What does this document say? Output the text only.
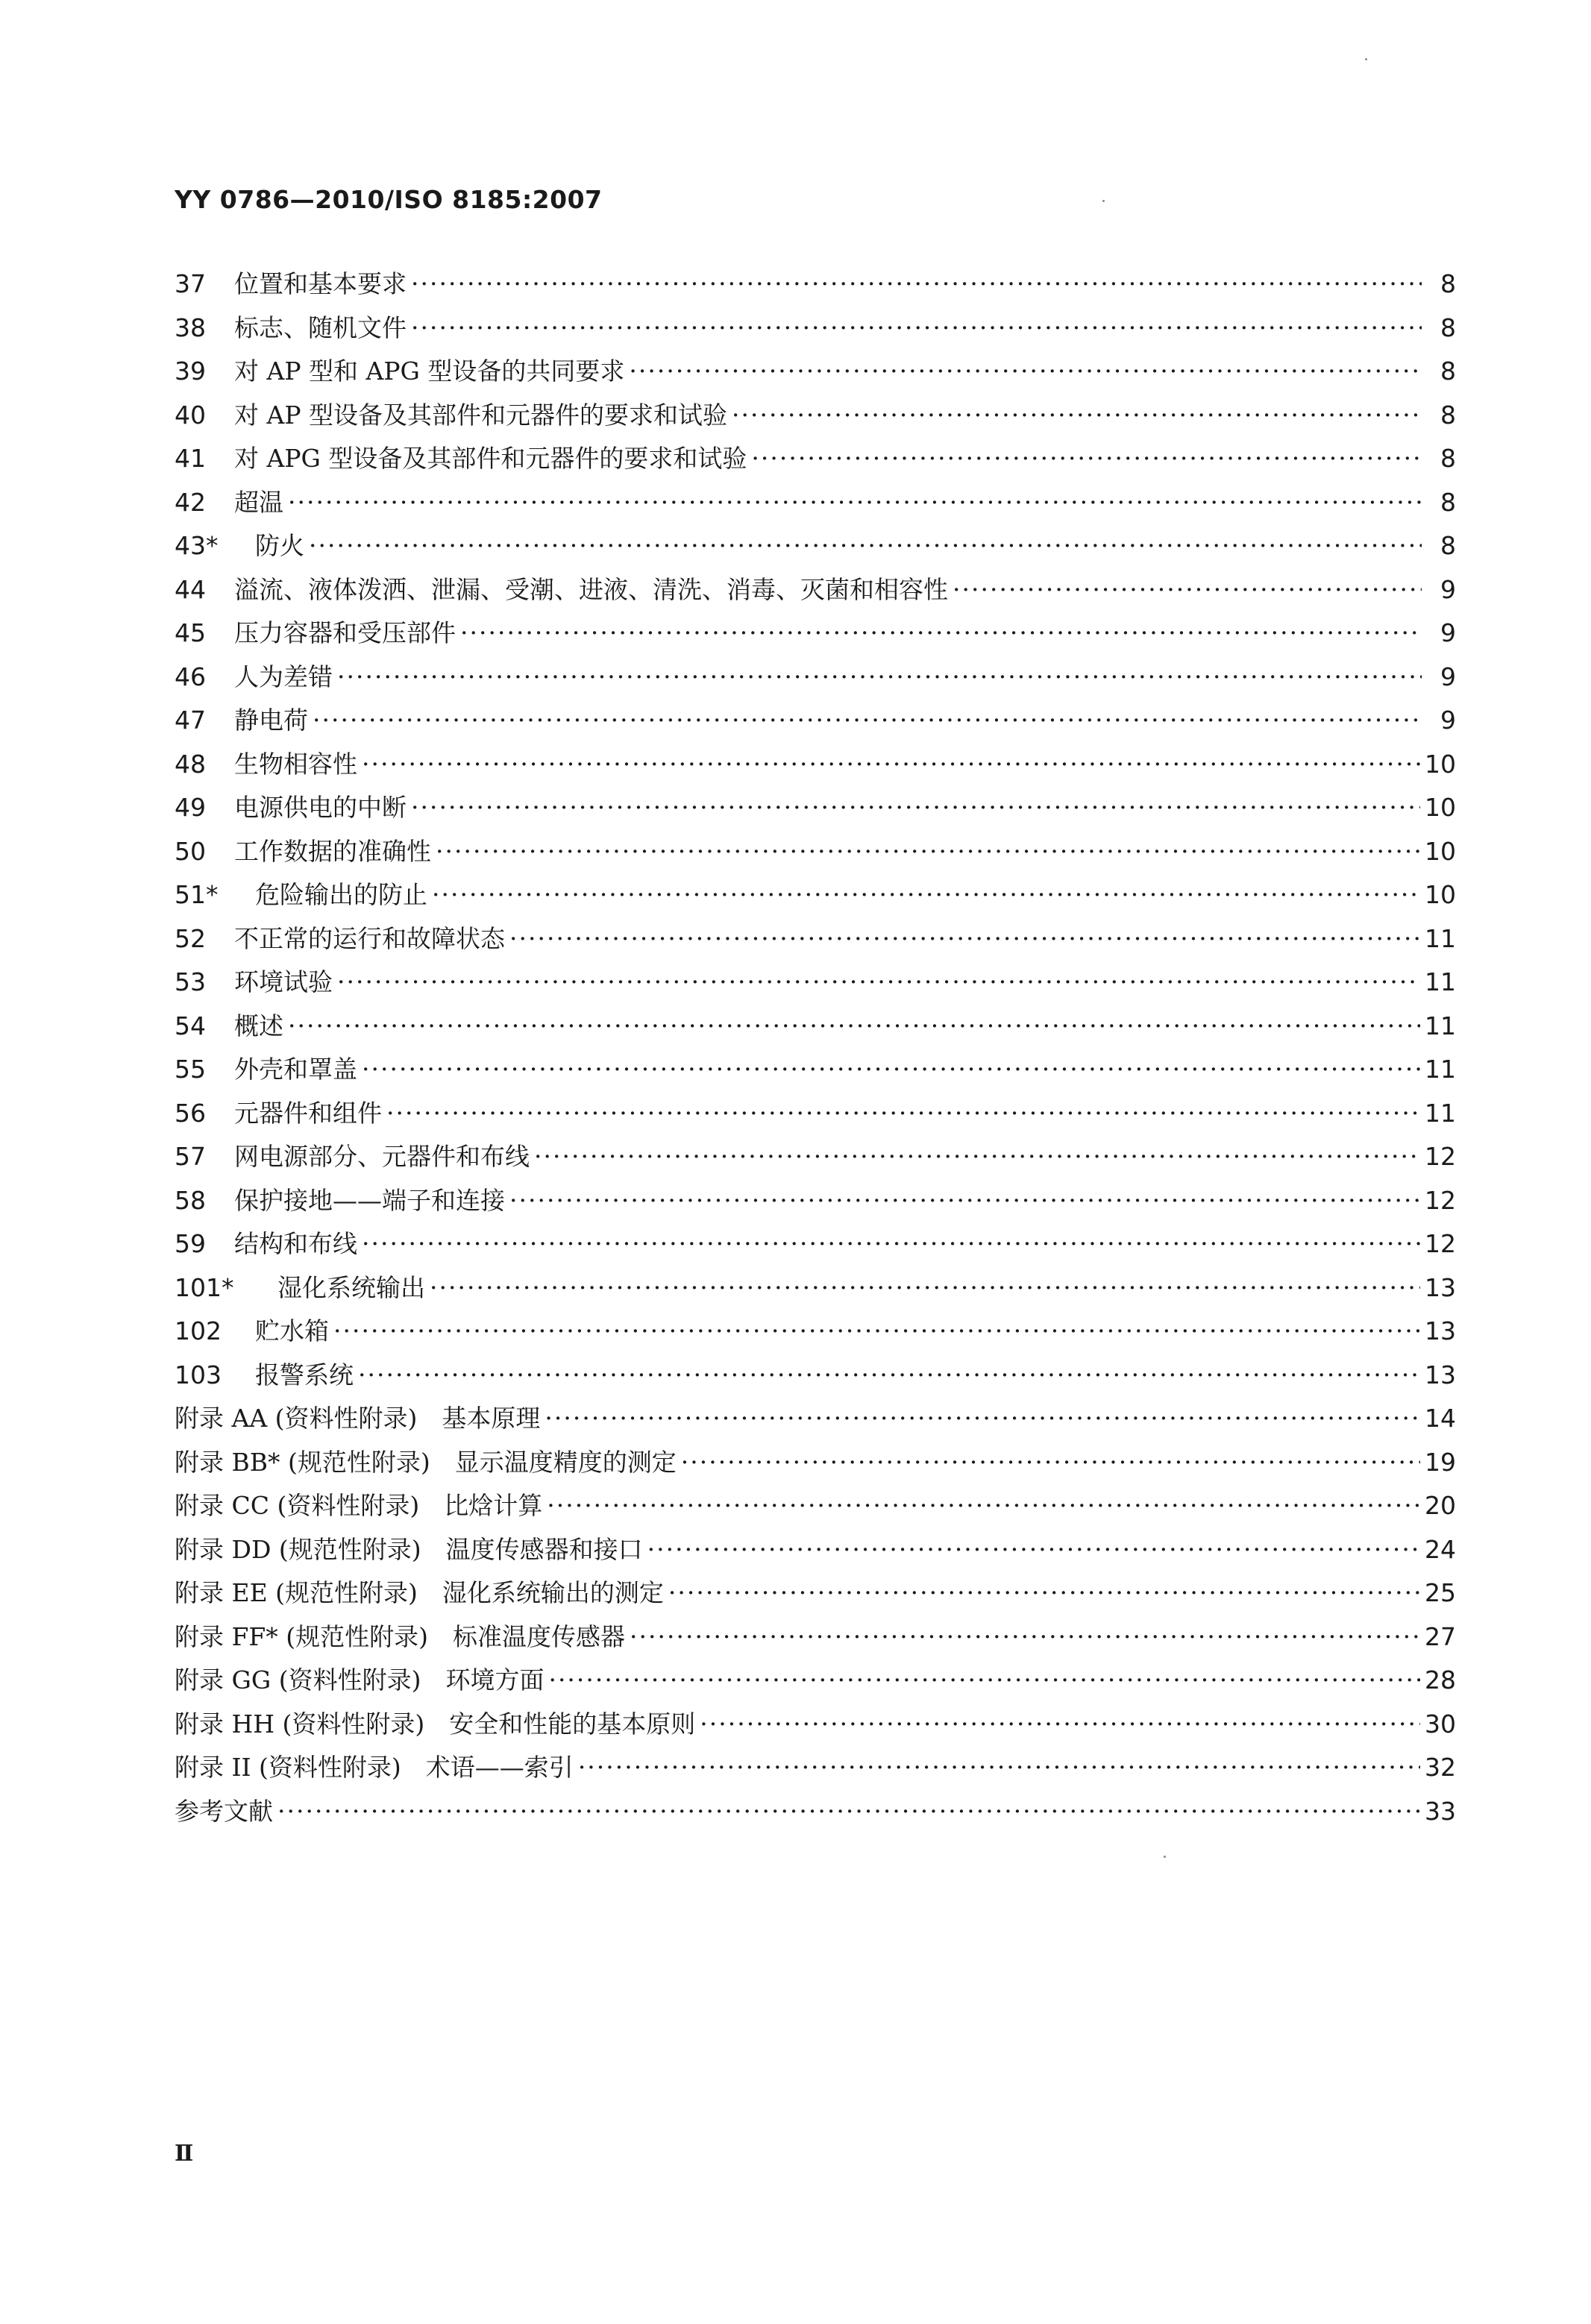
YY 0786—2010/ISO 8185:2007
37	位置和基本要求 ·····	8
38	标志、随机文件 ·····	8
39	对 AP 型和 APG 型设备的共同要求 ·····	8
40	对 AP 型设备及其部件和元器件的要求和试验 ·····	8
41	对 APG 型设备及其部件和元器件的要求和试验 ·····	8
42	超温 ·····	8
43*	防火 ·····	8
44	溢流、液体泼洒、泄漏、受潮、进液、清洗、消毒、灭菌和相容性 ·····	9
45	压力容器和受压部件 ·····	9
46	人为差错 ·····	9
47	静电荷 ·····	9
48	生物相容性 ·····	10
49	电源供电的中断 ·····	10
50	工作数据的准确性 ·····	10
51*	危险输出的防止 ·····	10
52	不正常的运行和故障状态 ·····	11
53	环境试验 ·····	11
54	概述 ·····	11
55	外壳和罩盖 ·····	11
56	元器件和组件 ·····	11
57	网电源部分、元器件和布线 ·····	12
58	保护接地——端子和连接 ·····	12
59	结构和布线 ·····	12
101*	湿化系统输出 ·····	13
102	贮水箱 ·····	13
103	报警系统 ·····	13
附录 AA (资料性附录)　基本原理 ·····	14
附录 BB* (规范性附录)　显示温度精度的测定 ·····	19
附录 CC (资料性附录)　比焓计算 ·····	20
附录 DD (规范性附录)　温度传感器和接口 ·····	24
附录 EE (规范性附录)　湿化系统输出的测定 ·····	25
附录 FF* (规范性附录)　标准温度传感器 ·····	27
附录 GG (资料性附录)　环境方面 ·····	28
附录 HH (资料性附录)　安全和性能的基本原则 ·····	30
附录 II (资料性附录)　术语——索引 ·····	32
参考文献 ·····	33
Ⅱ
